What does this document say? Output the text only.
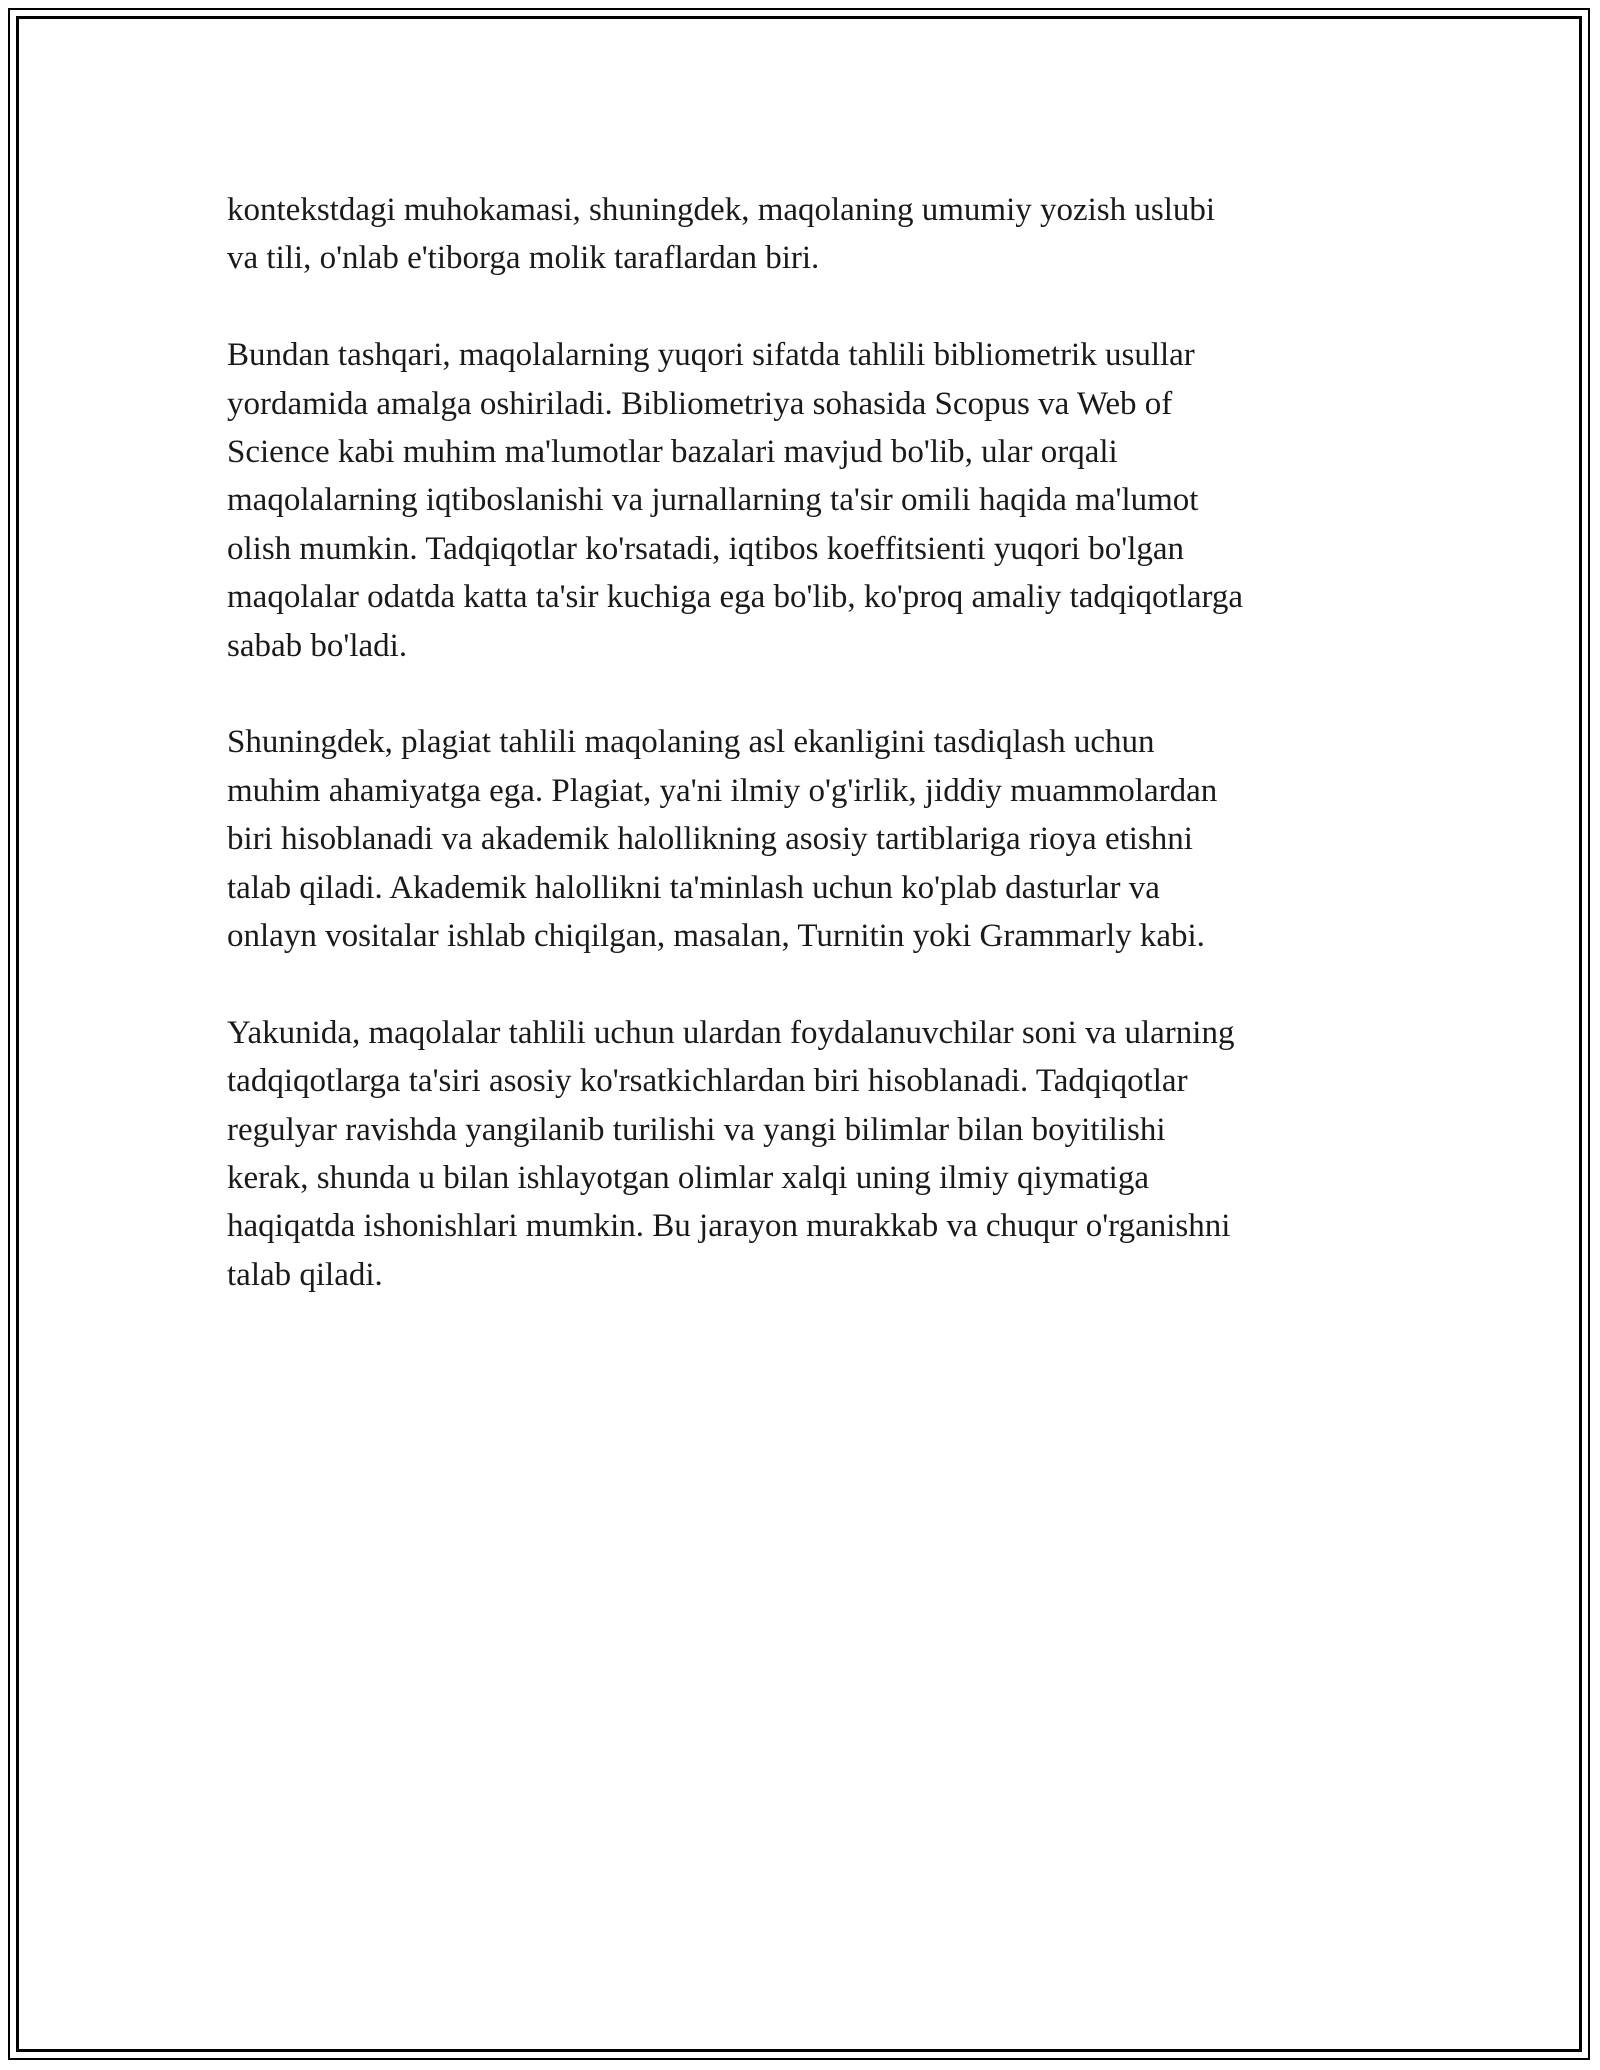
kontekstdagi muhokamasi, shuningdek, maqolaning umumiy yozish uslubi
va tili, o'nlab e'tiborga molik taraflardan biri.

Bundan tashqari, maqolalarning yuqori sifatda tahlili bibliometrik usullar
yordamida amalga oshiriladi. Bibliometriya sohasida Scopus va Web of
Science kabi muhim ma'lumotlar bazalari mavjud bo'lib, ular orqali
maqolalarning iqtiboslanishi va jurnallarning ta'sir omili haqida ma'lumot
olish mumkin. Tadqiqotlar ko'rsatadi, iqtibos koeffitsienti yuqori bo'lgan
maqolalar odatda katta ta'sir kuchiga ega bo'lib, ko'proq amaliy tadqiqotlarga
sabab bo'ladi.

Shuningdek, plagiat tahlili maqolaning asl ekanligini tasdiqlash uchun
muhim ahamiyatga ega. Plagiat, ya'ni ilmiy o'g'irlik, jiddiy muammolardan
biri hisoblanadi va akademik halollikning asosiy tartiblariga rioya etishni
talab qiladi. Akademik halollikni ta'minlash uchun ko'plab dasturlar va
onlayn vositalar ishlab chiqilgan, masalan, Turnitin yoki Grammarly kabi.

Yakunida, maqolalar tahlili uchun ulardan foydalanuvchilar soni va ularning
tadqiqotlarga ta'siri asosiy ko'rsatkichlardan biri hisoblanadi. Tadqiqotlar
regulyar ravishda yangilanib turilishi va yangi bilimlar bilan boyitilishi
kerak, shunda u bilan ishlayotgan olimlar xalqi uning ilmiy qiymatiga
haqiqatda ishonishlari mumkin. Bu jarayon murakkab va chuqur o'rganishni
talab qiladi.
